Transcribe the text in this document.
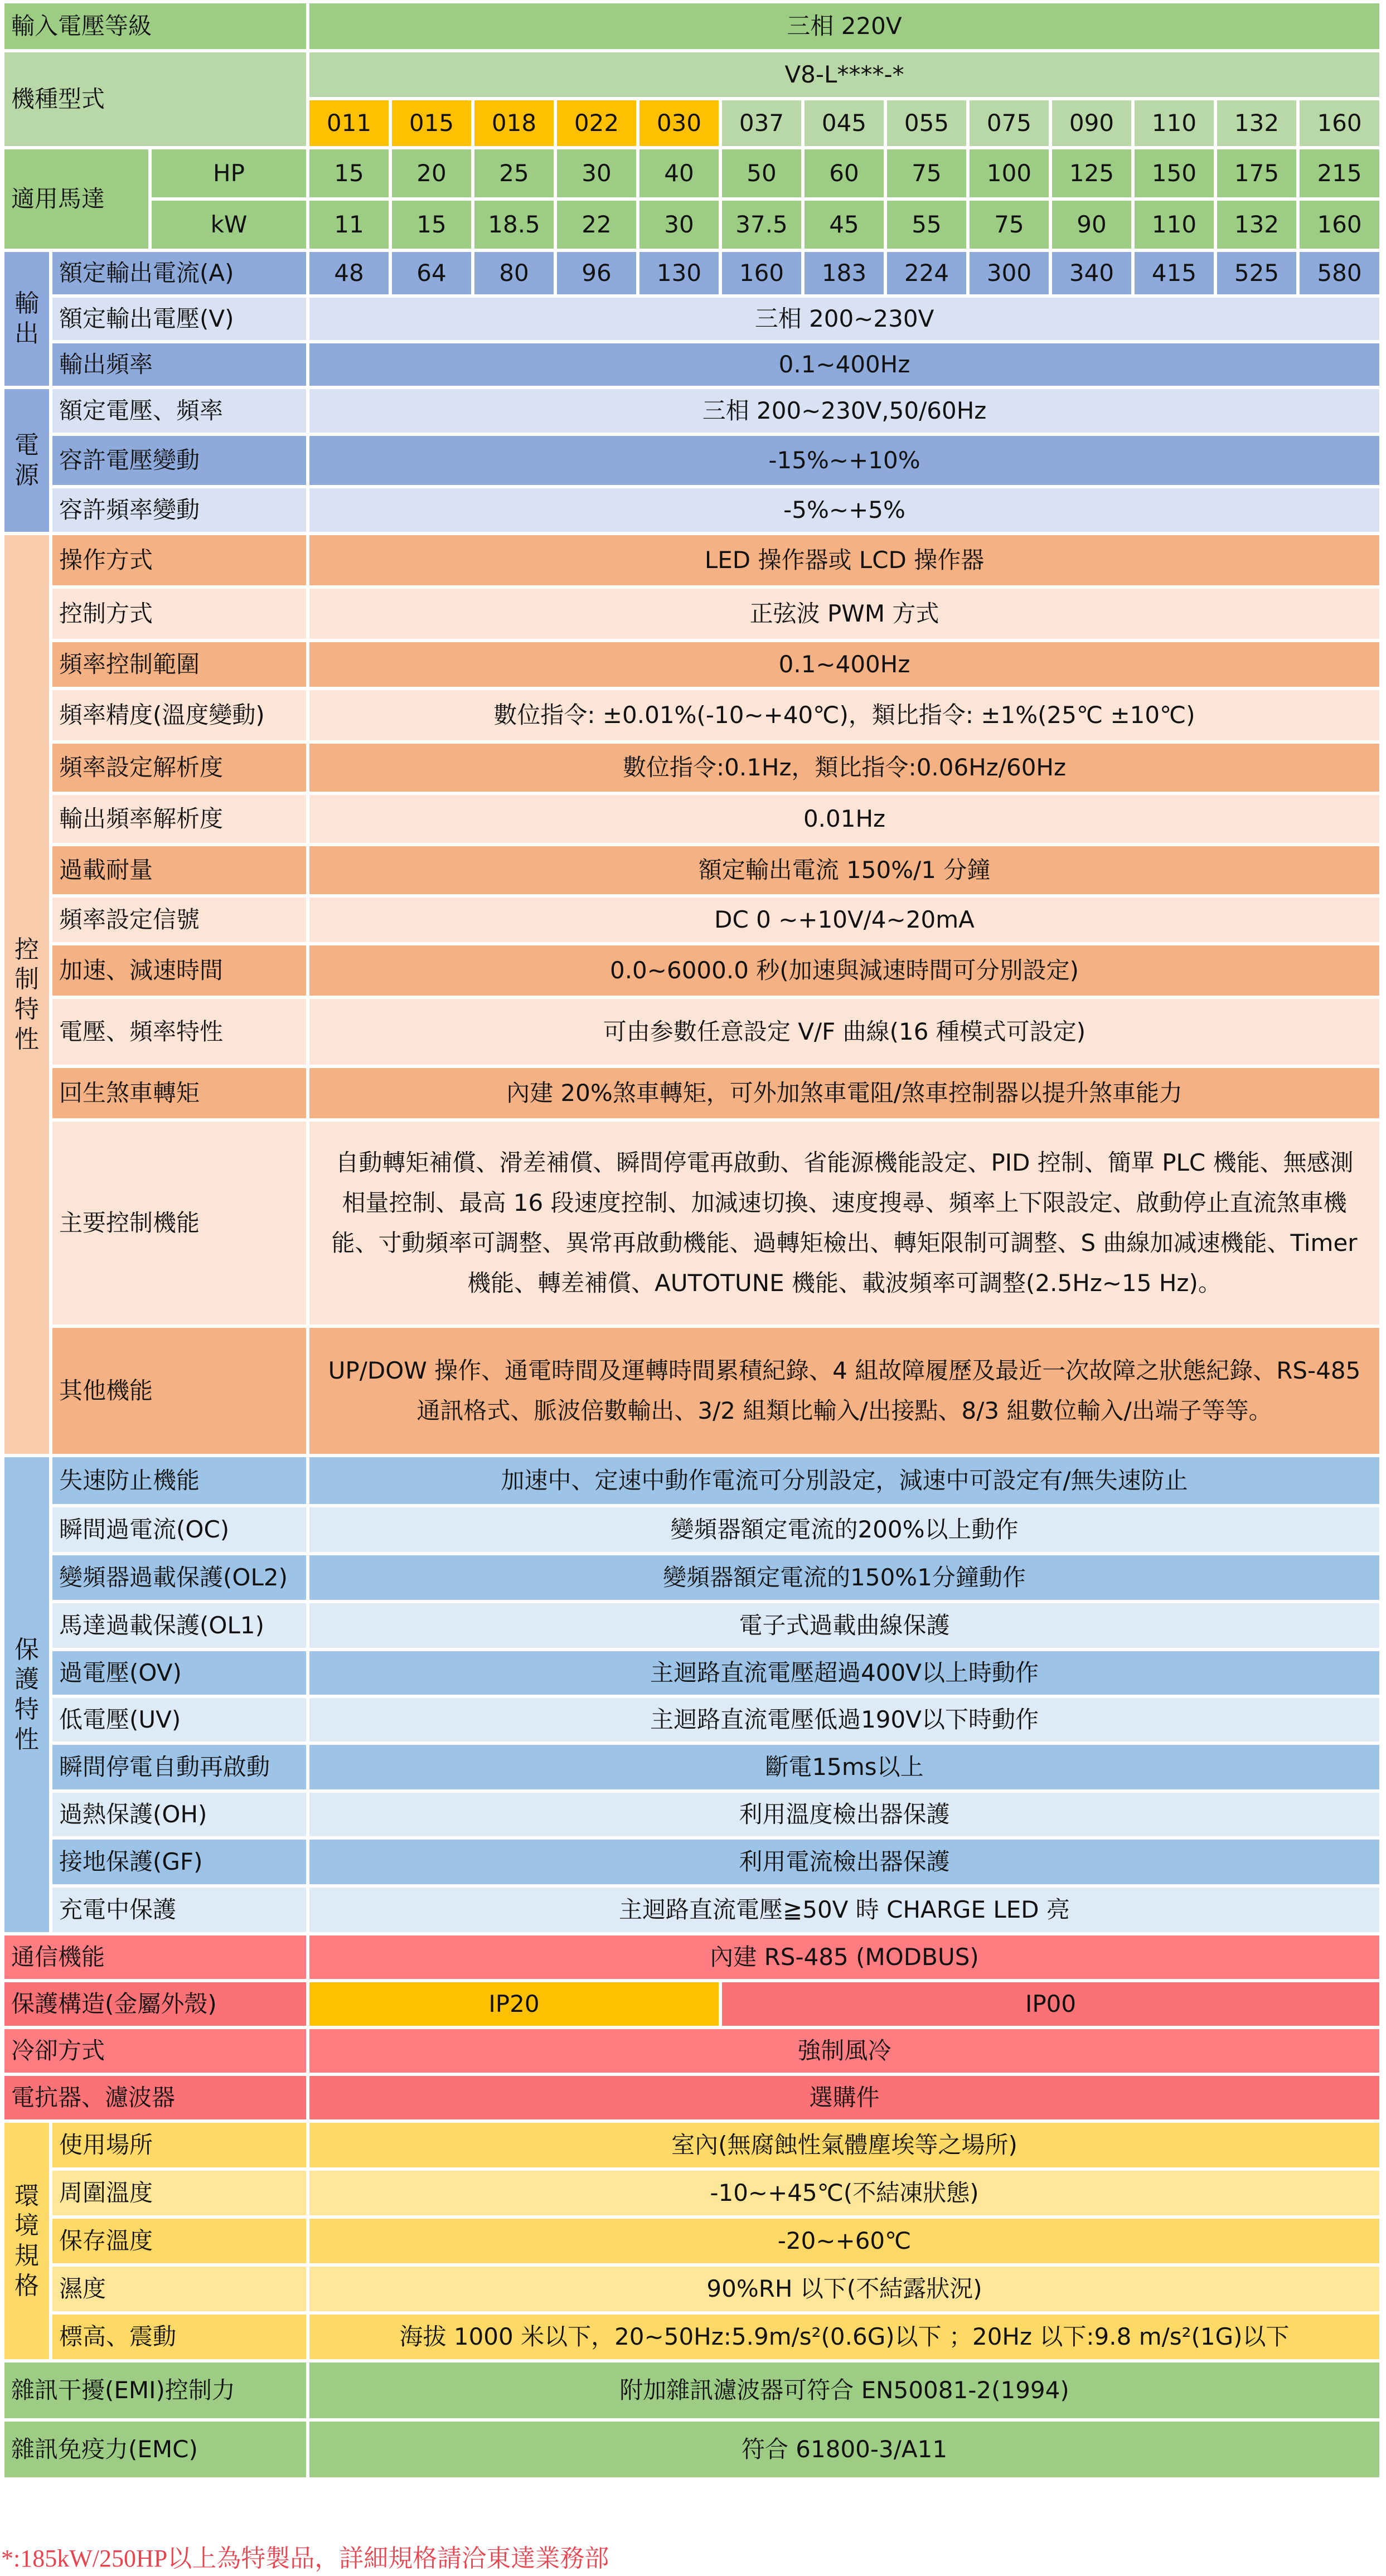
輸入電壓等級			三相 220V												
機種型式			V8-L****-*												
			011	015	018	022	030	037	045	055	075	090	110	132	160
適用馬達		HP	15	20	25	30	40	50	60	75	100	125	150	175	215
		kW	11	15	18.5	22	30	37.5	45	55	75	90	110	132	160

輸
出	額定輸出電流(A)		48	64	80	96	130	160	183	224	300	340	415	525	580
	額定輸出電壓(V)		三相 200~230V												
	輸出頻率		0.1~400Hz												

電
源	額定電壓、頻率		三相 200~230V,50/60Hz												
	容許電壓變動		-15%~+10%												
	容許頻率變動		-5%~+5%												

控
制
特
性	操作方式		LED 操作器或 LCD 操作器												
	控制方式		正弦波 PWM 方式												
	頻率控制範圍		0.1~400Hz												
	頻率精度(溫度變動)		數位指令: ±0.01%(-10~+40℃)，類比指令: ±1%(25℃ ±10℃)												
	頻率設定解析度		數位指令:0.1Hz，類比指令:0.06Hz/60Hz												
	輸出頻率解析度		0.01Hz												
	過載耐量		額定輸出電流 150%/1 分鐘												
	頻率設定信號		DC 0 ~+10V/4~20mA												
	加速、減速時間		0.0~6000.0 秒(加速與減速時間可分別設定)												
	電壓、頻率特性		可由参數任意設定 V/F 曲線(16 種模式可設定)												
	回生煞車轉矩		內建 20%煞車轉矩，可外加煞車電阻/煞車控制器以提升煞車能力												
	主要控制機能		自動轉矩補償、滑差補償、瞬間停電再啟動、省能源機能設定、PID 控制、簡單 PLC 機能、無感測相量控制、最高 16 段速度控制、加減速切換、速度搜尋、頻率上下限設定、啟動停止直流煞車機能、寸動頻率可調整、異常再啟動機能、過轉矩檢出、轉矩限制可調整、S 曲線加减速機能、Timer 機能、轉差補償、AUTOTUNE 機能、載波頻率可調整(2.5Hz~15 Hz)。												
	其他機能		UP/DOW 操作、通電時間及運轉時間累積紀錄、4 組故障履歷及最近一次故障之狀態紀錄、RS-485 通訊格式、脈波倍數輸出、3/2 組類比輸入/出接點、8/3 組數位輸入/出端子等等。												

保
護
特
性	失速防止機能		加速中、定速中動作電流可分別設定，減速中可設定有/無失速防止												
	瞬間過電流(OC)		變頻器額定電流的200%以上動作												
	變頻器過載保護(OL2)		變頻器額定電流的150%1分鐘動作												
	馬達過載保護(OL1)		電子式過載曲線保護												
	過電壓(OV)		主迴路直流電壓超過400V以上時動作												
	低電壓(UV)		主迴路直流電壓低過190V以下時動作												
	瞬間停電自動再啟動		斷電15ms以上												
	過熱保護(OH)		利用溫度檢出器保護												
	接地保護(GF)		利用電流檢出器保護												
	充電中保護		主迴路直流電壓≧50V 時 CHARGE LED 亮												
通信機能			內建 RS-485 (MODBUS)												
保護構造(金屬外殼)			IP20					IP00							
冷卻方式			強制風冷												
電抗器、濾波器			選購件												

環
境
規
格	使用場所		室內(無腐蝕性氣體塵埃等之場所)												
	周圍溫度		-10~+45℃(不結凍狀態)												
	保存溫度		-20~+60℃												
	濕度		90%RH 以下(不結露狀況)												
	標高、震動		海拔 1000 米以下，20~50Hz:5.9m/s²(0.6G)以下 ；20Hz 以下:9.8 m/s²(1G)以下												
雜訊干擾(EMI)控制力			附加雜訊濾波器可符合 EN50081-2(1994)												
雜訊免疫力(EMC)			符合 61800-3/A11												
*:185kW/250HP以上為特製品，詳細規格請洽東達業務部
